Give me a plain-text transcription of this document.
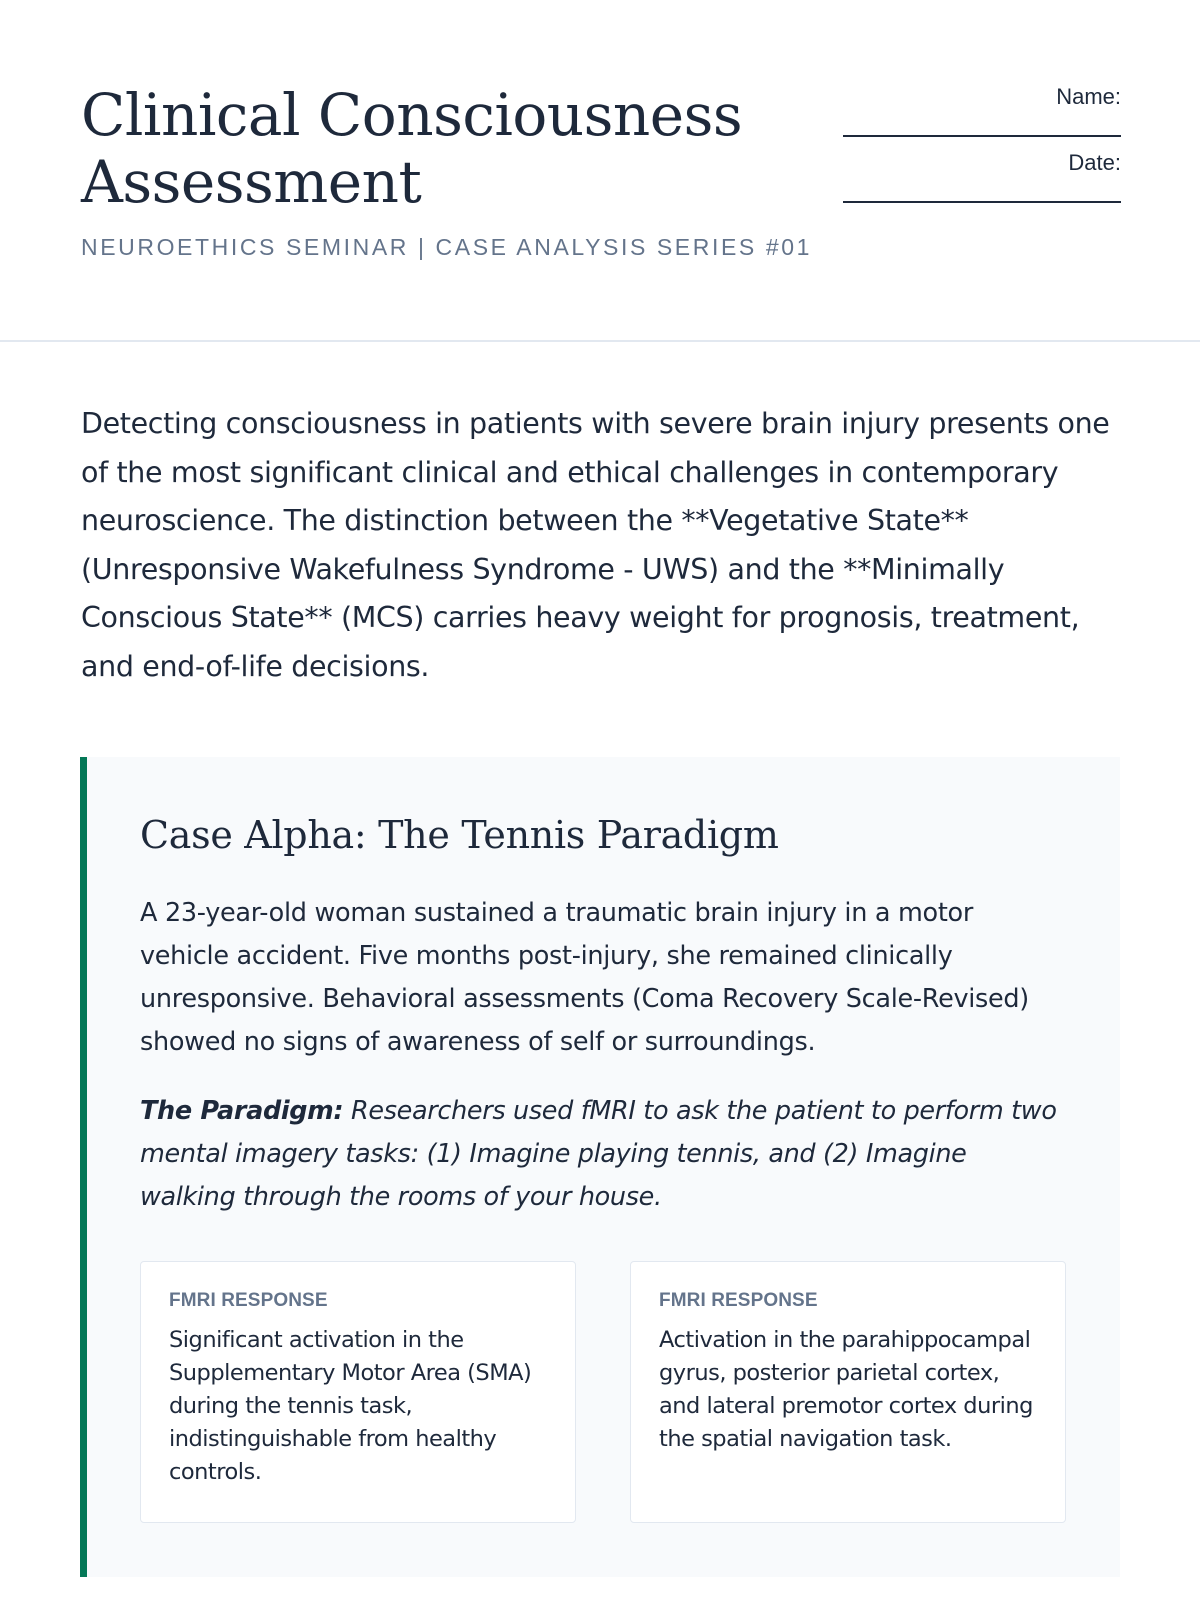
Clinical Consciousness
Assessment
NEUROETHICS SEMINAR | CASE ANALYSIS SERIES #01
Name:
Date:

Detecting consciousness in patients with severe brain injury presents one of the most significant clinical and ethical challenges in contemporary neuroscience. The distinction between the **Vegetative State** (Unresponsive Wakefulness Syndrome - UWS) and the **Minimally Conscious State** (MCS) carries heavy weight for prognosis, treatment, and end-of-life decisions.

Case Alpha: The Tennis Paradigm

A 23-year-old woman sustained a traumatic brain injury in a motor vehicle accident. Five months post-injury, she remained clinically unresponsive. Behavioral assessments (Coma Recovery Scale-Revised) showed no signs of awareness of self or surroundings.

The Paradigm: Researchers used fMRI to ask the patient to perform two mental imagery tasks: (1) Imagine playing tennis, and (2) Imagine walking through the rooms of your house.

FMRI RESPONSE

Significant activation in the Supplementary Motor Area (SMA) during the tennis task, indistinguishable from healthy controls.

FMRI RESPONSE

Activation in the parahippocampal gyrus, posterior parietal cortex, and lateral premotor cortex during the spatial navigation task.
